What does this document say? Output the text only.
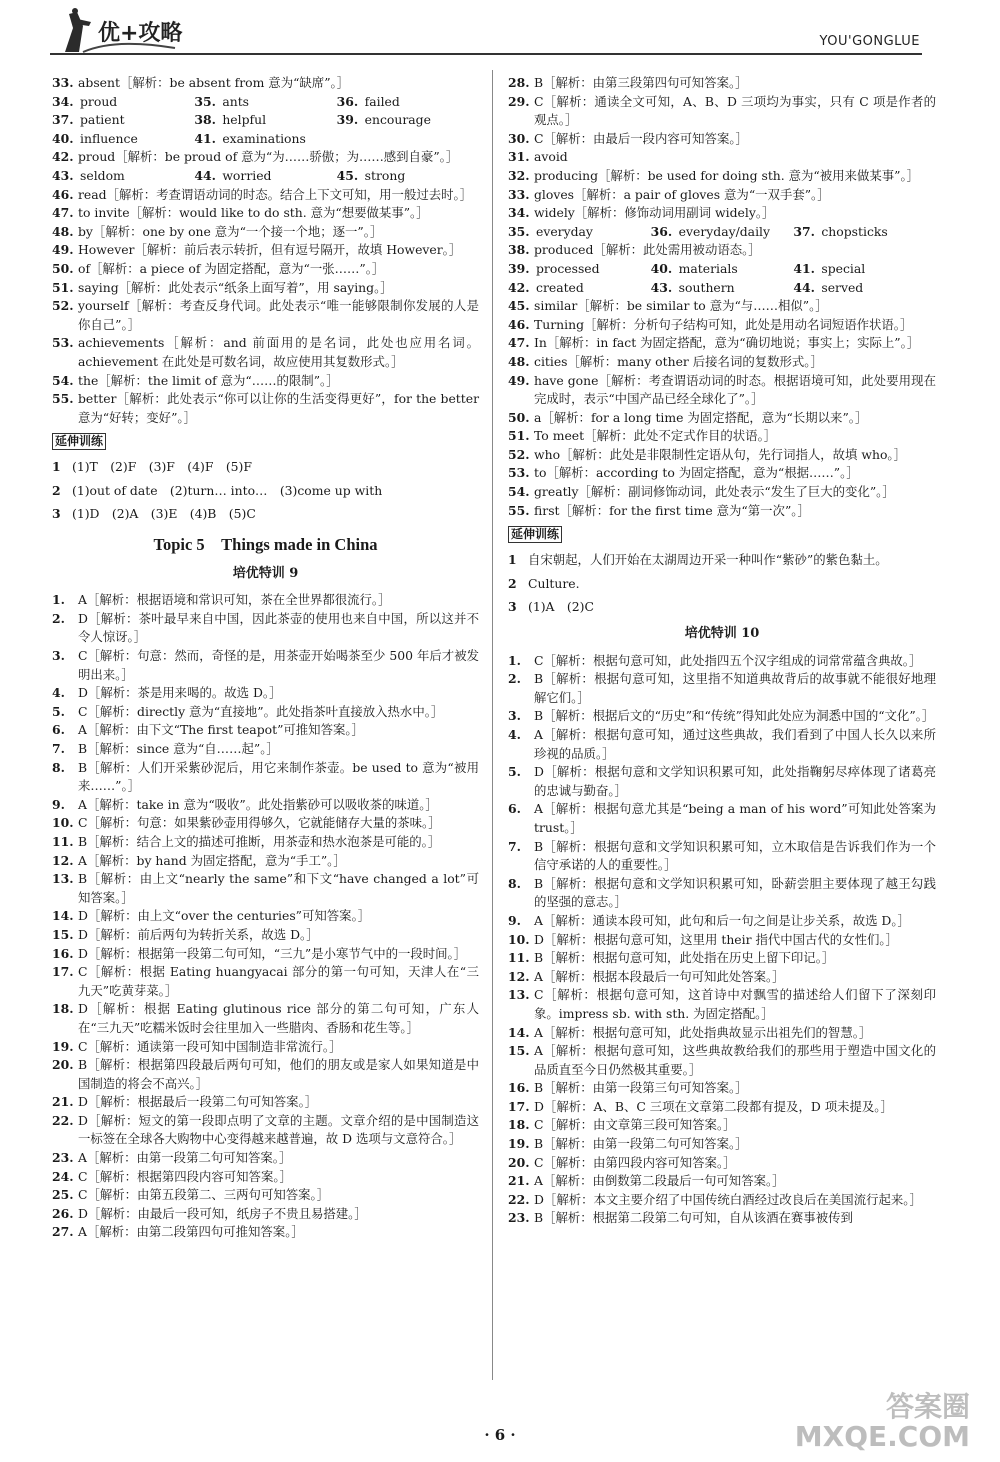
优+攻略	YOU'GONGLUE
33. absent［解析：be absent from 意为“缺席”。］
34. proud	35. ants	36. failed
37. patient	38. helpful	39. encourage
40. influence	41. examinations
42. proud［解析：be proud of 意为“为……骄傲；为……感到自豪”。］
43. seldom	44. worried	45. strong
46. read［解析：考查谓语动词的时态。结合上下文可知，用一般过去时。］
47. to invite［解析：would like to do sth. 意为“想要做某事”。］
48. by［解析：one by one 意为“一个接一个地；逐一”。］
49. However［解析：前后表示转折，但有逗号隔开，故填 However。］
50. of［解析：a piece of 为固定搭配，意为“一张……”。］
51. saying［解析：此处表示“纸条上面写着”，用 saying。］
52. yourself［解析：考查反身代词。此处表示“唯一能够限制你发展的人是你自己”。］
53. achievements［解析：and 前面用的是名词，此处也应用名词。achievement 在此处是可数名词，故应使用其复数形式。］
54. the［解析：the limit of 意为“……的限制”。］
55. better［解析：此处表示“你可以让你的生活变得更好”，for the better 意为“好转；变好”。］
延伸训练
1 (1)T　(2)F　(3)F　(4)F　(5)F
2 (1)out of date　(2)turn… into…　(3)come up with
3 (1)D　(2)A　(3)E　(4)B　(5)C
Topic 5　Things made in China
培优特训 9
1.	A［解析：根据语境和常识可知，茶在全世界都很流行。］
2.	D［解析：茶叶最早来自中国，因此茶壶的使用也来自中国，所以这并不令人惊讶。］
3.	C［解析：句意：然而，奇怪的是，用茶壶开始喝茶至少 500 年后才被发明出来。］
4.	D［解析：茶是用来喝的。故选 D。］
5.	C［解析：directly 意为“直接地”。此处指茶叶直接放入热水中。］
6.	A［解析：由下文“The first teapot”可推知答案。］
7.	B［解析：since 意为“自……起”。］
8.	B［解析：人们开采紫砂泥后，用它来制作茶壶。be used to 意为“被用来……”。］
9.	A［解析：take in 意为“吸收”。此处指紫砂可以吸收茶的味道。］
10. C［解析：句意：如果紫砂壶用得够久，它就能储存大量的茶味。］
11. B［解析：结合上文的描述可推断，用茶壶和热水泡茶是可能的。］
12. A［解析：by hand 为固定搭配，意为“手工”。］
13. B［解析：由上文“nearly the same”和下文“have changed a lot”可知答案。］
14. D［解析：由上文“over the centuries”可知答案。］
15. D［解析：前后两句为转折关系，故选 D。］
16. D［解析：根据第一段第二句可知，“三九”是小寒节气中的一段时间。］
17. C［解析：根据 Eating huangyacai 部分的第一句可知，天津人在“三九天”吃黄芽菜。］
18. D［解析：根据 Eating glutinous rice 部分的第二句可知，广东人在“三九天”吃糯米饭时会往里加入一些腊肉、香肠和花生等。］
19. C［解析：通读第一段可知中国制造非常流行。］
20. B［解析：根据第四段最后两句可知，他们的朋友或是家人如果知道是中国制造的将会不高兴。］
21. D［解析：根据最后一段第二句可知答案。］
22. D［解析：短文的第一段即点明了文章的主题。文章介绍的是中国制造这一标签在全球各大购物中心变得越来越普遍，故 D 选项与文意符合。］
23. A［解析：由第一段第二句可知答案。］
24. C［解析：根据第四段内容可知答案。］
25. C［解析：由第五段第二、三两句可知答案。］
26. D［解析：由最后一段可知，纸房子不贵且易搭建。］
27. A［解析：由第二段第四句可推知答案。］
28. B［解析：由第三段第四句可知答案。］
29. C［解析：通读全文可知，A、B、D 三项均为事实，只有 C 项是作者的观点。］
30. C［解析：由最后一段内容可知答案。］
31. avoid
32. producing［解析：be used for doing sth. 意为“被用来做某事”。］
33. gloves［解析：a pair of gloves 意为“一双手套”。］
34. widely［解析：修饰动词用副词 widely。］
35. everyday	36. everyday/daily	37. chopsticks
38. produced［解析：此处需用被动语态。］
39. processed	40. materials	41. special
42. created	43. southern	44. served
45. similar［解析：be similar to 意为“与……相似”。］
46. Turning［解析：分析句子结构可知，此处是用动名词短语作状语。］
47. In［解析：in fact 为固定搭配，意为“确切地说；事实上；实际上”。］
48. cities［解析：many other 后接名词的复数形式。］
49. have gone［解析：考查谓语动词的时态。根据语境可知，此处要用现在完成时，表示“中国产品已经全球化了”。］
50. a［解析：for a long time 为固定搭配，意为“长期以来”。］
51. To meet［解析：此处不定式作目的状语。］
52. who［解析：此处是非限制性定语从句，先行词指人，故填 who。］
53. to［解析：according to 为固定搭配，意为“根据……”。］
54. greatly［解析：副词修饰动词，此处表示“发生了巨大的变化”。］
55. first［解析：for the first time 意为“第一次”。］
延伸训练
1 自宋朝起，人们开始在太湖周边开采一种叫作“紫砂”的紫色黏土。
2 Culture.
3 (1)A　(2)C
培优特训 10
1.	C［解析：根据句意可知，此处指四五个汉字组成的词常常蕴含典故。］
2.	B［解析：根据句意可知，这里指不知道典故背后的故事就不能很好地理解它们。］
3.	B［解析：根据后文的“历史”和“传统”得知此处应为洞悉中国的“文化”。］
4.	A［解析：根据句意可知，通过这些典故，我们看到了中国人长久以来所珍视的品质。］
5.	D［解析：根据句意和文学知识积累可知，此处指鞠躬尽瘁体现了诸葛亮的忠诚与勤奋。］
6.	A［解析：根据句意尤其是“being a man of his word”可知此处答案为 trust。］
7.	B［解析：根据句意和文学知识积累可知，立木取信是告诉我们作为一个信守承诺的人的重要性。］
8.	B［解析：根据句意和文学知识积累可知，卧薪尝胆主要体现了越王勾践的坚强的意志。］
9.	A［解析：通读本段可知，此句和后一句之间是让步关系，故选 D。］
10. D［解析：根据句意可知，这里用 their 指代中国古代的女性们。］
11. B［解析：根据句意可知，此处指在历史上留下印记。］
12. A［解析：根据本段最后一句可知此处答案。］
13. C［解析：根据句意可知，这首诗中对飘雪的描述给人们留下了深刻印象。impress sb. with sth. 为固定搭配。］
14. A［解析：根据句意可知，此处指典故显示出祖先们的智慧。］
15. A［解析：根据句意可知，这些典故教给我们的那些用于塑造中国文化的品质直至今日仍然极其重要。］
16. B［解析：由第一段第三句可知答案。］
17. D［解析：A、B、C 三项在文章第二段都有提及，D 项未提及。］
18. C［解析：由文章第三段可知答案。］
19. B［解析：由第一段第二句可知答案。］
20. C［解析：由第四段内容可知答案。］
21. A［解析：由倒数第二段最后一句可知答案。］
22. D［解析：本文主要介绍了中国传统白酒经过改良后在美国流行起来。］
23. B［解析：根据第二段第二句可知，自从该酒在赛事被传到
· 6 ·
答案圈
MXQE.COM
